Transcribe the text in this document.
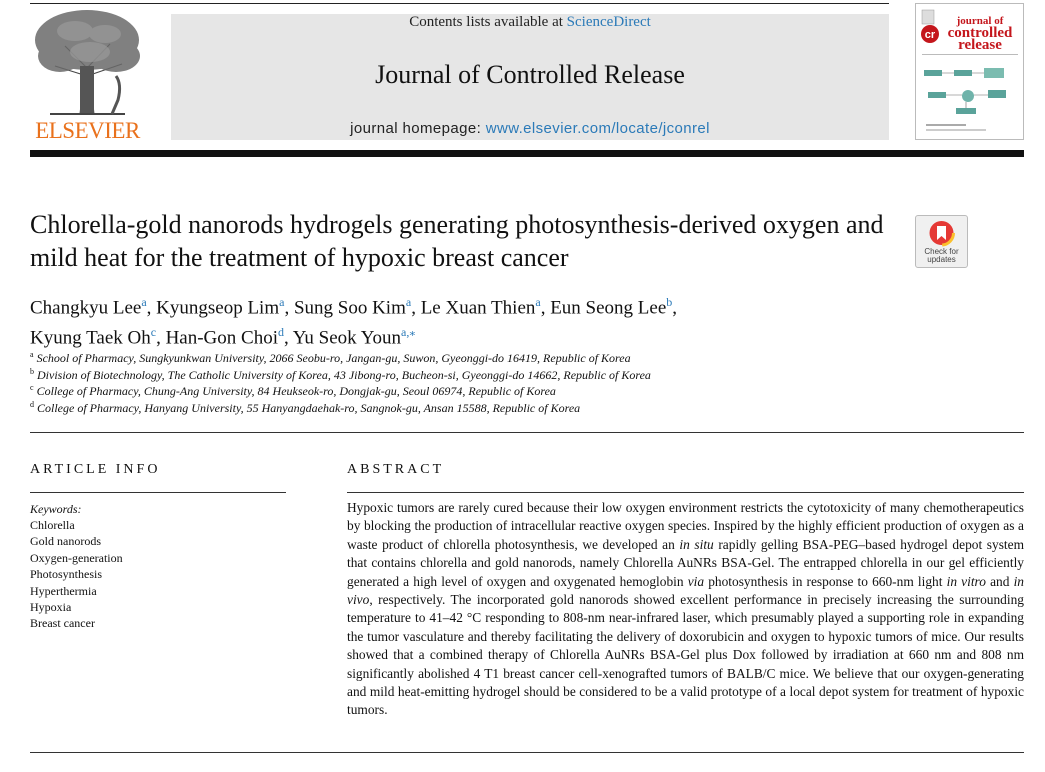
ELSEVIER
Contents lists available at ScienceDirect
Journal of Controlled Release
journal homepage: www.elsevier.com/locate/jconrel
cr
journal of
controlled
release
Chlorella-gold nanorods hydrogels generating photosynthesis-derived oxygen and mild heat for the treatment of hypoxic breast cancer	Check for
updates
Changkyu Lee$^a$, Kyungseop Lim$^a$, Sung Soo Kim$^a$, Le Xuan Thien$^a$, Eun Seong Lee$^b$,
Kyung Taek Oh$^c$, Han-Gon Choi$^d$, Yu Seok Youn$^{a,⁎}$
$^a$ School of Pharmacy, Sungkyunkwan University, 2066 Seobu-ro, Jangan-gu, Suwon, Gyeonggi-do 16419, Republic of Korea
$^b$ Division of Biotechnology, The Catholic University of Korea, 43 Jibong-ro, Bucheon-si, Gyeonggi-do 14662, Republic of Korea
$^c$ College of Pharmacy, Chung-Ang University, 84 Heukseok-ro, Dongjak-gu, Seoul 06974, Republic of Korea
$^d$ College of Pharmacy, Hanyang University, 55 Hanyangdaehak-ro, Sangnok-gu, Ansan 15588, Republic of Korea
ARTICLE INFO
Keywords:
Chlorella
Gold nanorods
Oxygen-generation
Photosynthesis
Hyperthermia
Hypoxia
Breast cancer
ABSTRACT
Hypoxic tumors are rarely cured because their low oxygen environment restricts the cytotoxicity of many chemotherapeutics by blocking the production of intracellular reactive oxygen species. Inspired by the highly efficient production of oxygen as a waste product of chlorella photosynthesis, we developed an in situ rapidly gelling BSA-PEG–based hydrogel depot system that contains chlorella and gold nanorods, namely Chlorella AuNRs BSA-Gel. The entrapped chlorella in our gel efficiently generated a high level of oxygen and oxygenated hemoglobin via photosynthesis in response to 660-nm light in vitro and in vivo, respectively. The incorporated gold nanorods showed excellent performance in precisely increasing the surrounding temperature to 41–42 °C responding to 808-nm near-infrared laser, which presumably played a supporting role in expanding the tumor vasculature and thereby facilitating the delivery of doxorubicin and oxygen to hypoxic tumors of mice. Our results showed that a combined therapy of Chlorella AuNRs BSA-Gel plus Dox followed by irradiation at 660 nm and 808 nm significantly abolished 4 T1 breast cancer cell-xenografted tumors of BALB/C mice. We believe that our oxygen-generating and mild heat-emitting hydrogel should be considered to be a valid prototype of a local depot system for treatment of hypoxic tumors.
